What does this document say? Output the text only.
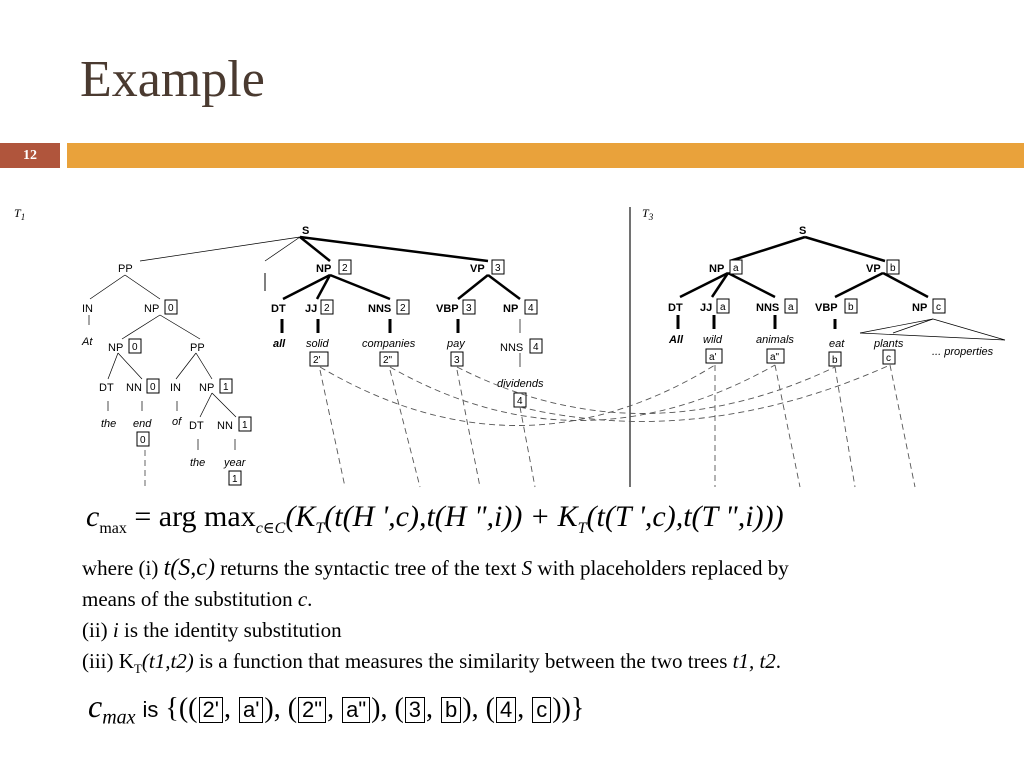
Example
12
$T_1$	$T_3$
S
PP	NP 2	VP 3
IN	NP 0
At NP 0	PP
DT NN 0 IN NP 1
the end
0
of DT NN 1
the year
1
DT JJ 2	NNS 2	VBP 3	NP 4
all solid
2'
companies
2"
pay
3
NNS 4
dividends
4
S
NP a	VP b
DT JJ a	NNS a VBP b	NP c
All wild
a'
animals
a"
eat
b
plants
c
... properties
$c_{max}$ = arg $\max_{c\in C}(K_T(t(H$ ',c),t(H "$,i)) + K_T(t(T$ ',c),t(T ",i)))
where (i) t(S,c) returns the syntactic tree of the text S with placeholders replaced by
means of the substitution c.
(ii) i is the identity substitution
(iii) $K_T(t1,t2)$ is a function that measures the similarity between the two trees t1, t2.
$c_{max}$ is {(( 2' , a' ), ( 2" , a" ), ( 3 , b ), ( 4 , c ))}
